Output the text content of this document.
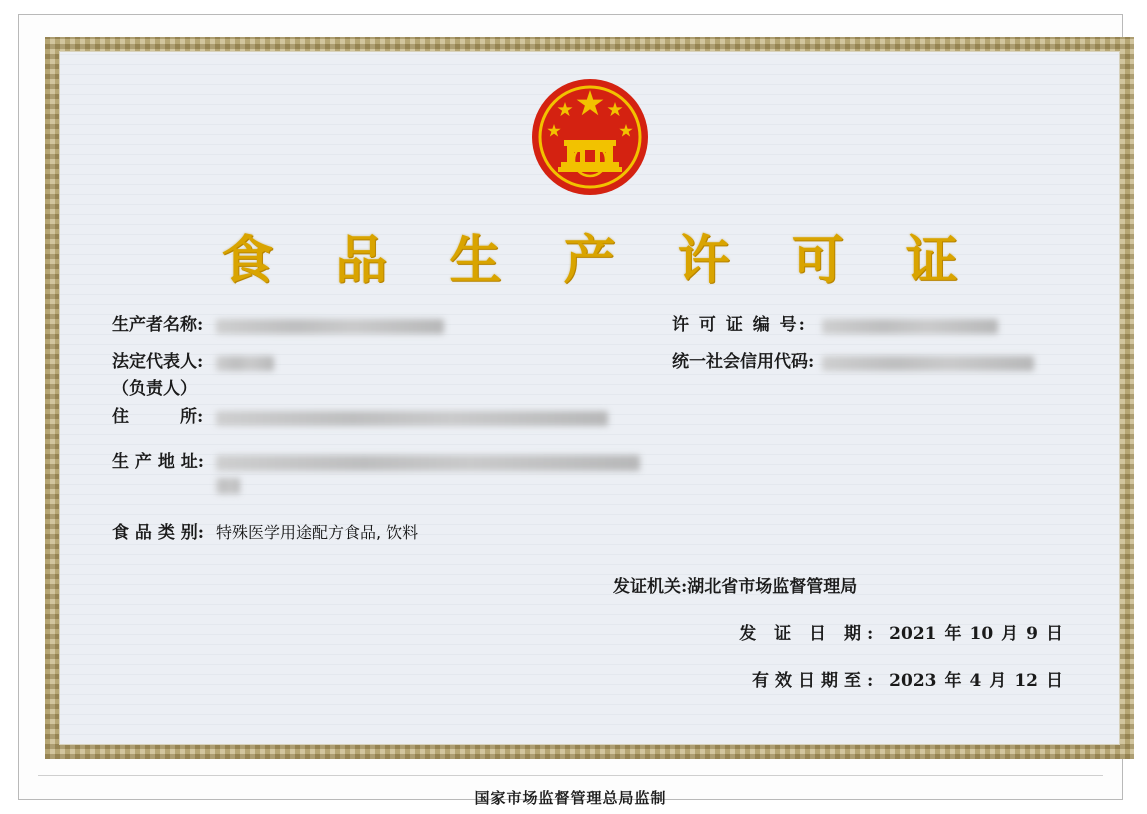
食 品 生 产 许 可 证
生产者名称:	许 可 证 编 号:
法定代表人:
（负责人）
统一社会信用代码:
住　　　所:
生 产 地 址:
食 品 类 别: 特殊医学用途配方食品, 饮料
发证机关:湖北省市场监督管理局
发 证 日 期: 2021 年 10 月 9 日
有效日期至: 2023 年 4 月 12 日
国家市场监督管理总局监制
